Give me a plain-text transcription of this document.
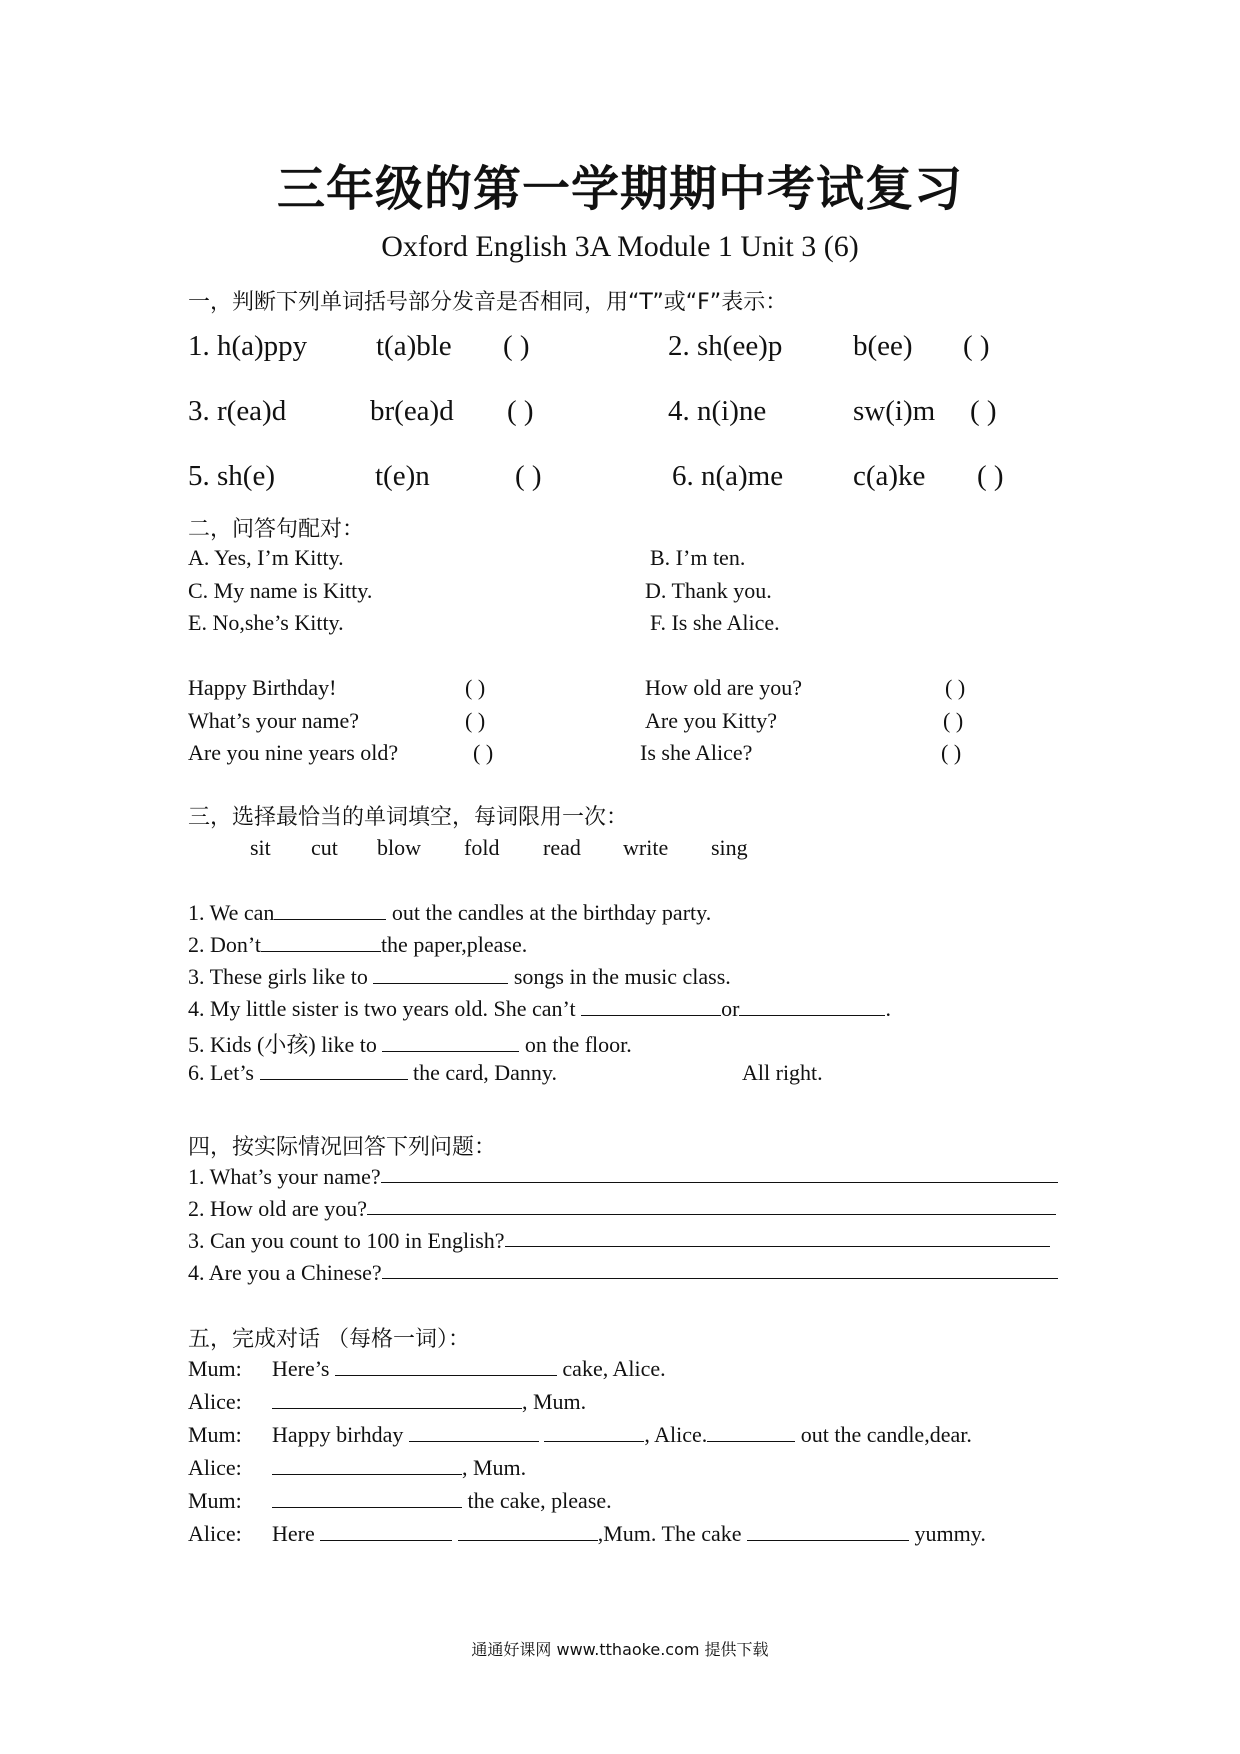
三年级的第一学期期中考试复习
Oxford English 3A Module 1 Unit 3 (6)
一，判断下列单词括号部分发音是否相同，用“T”或“F”表示：
1. h(a)ppy t(a)ble ( )	2. sh(ee)p b(ee) ( )
3. r(ea)d	br(ea)d ( )	4. n(i)ne	sw(i)m ( )
5. sh(e)	t(e)n	( )	6. n(a)me c(a)ke ( )
二，问答句配对：
A. Yes, I’m Kitty.	B. I’m ten.
C. My name is Kitty.	D. Thank you.
E. No,she’s Kitty.	F. Is she Alice.
Happy Birthday!	( )	How old are you?	( )
What’s your name?	( )	Are you Kitty?	( )
Are you nine years old?	( )	Is she Alice?	( )
三，选择最恰当的单词填空，每词限用一次：
sit cut blow fold read write sing
1. We can	out the candles at the birthday party.
2. Don’t	the paper,please.
3. These girls like to	songs in the music class.
4. My little sister is two years old. She can’t	or	.
5. Kids (小孩) like to	on the floor.
6. Let’s	the card, Danny.	All right.
四，按实际情况回答下列问题：
1. What’s your name?
2. How old are you?
3. Can you count to 100 in English?
4. Are you a Chinese?
五，完成对话 （每格一词）：
Mum: Here’s	cake, Alice.
Alice:	, Mum.
Mum: Happy birhday	, Alice.	out the candle,dear.
Alice:	, Mum.
Mum:	the cake, please.
Alice: Here	,Mum. The cake	yummy.
通通好课网 www.tthaoke.com 提供下载
